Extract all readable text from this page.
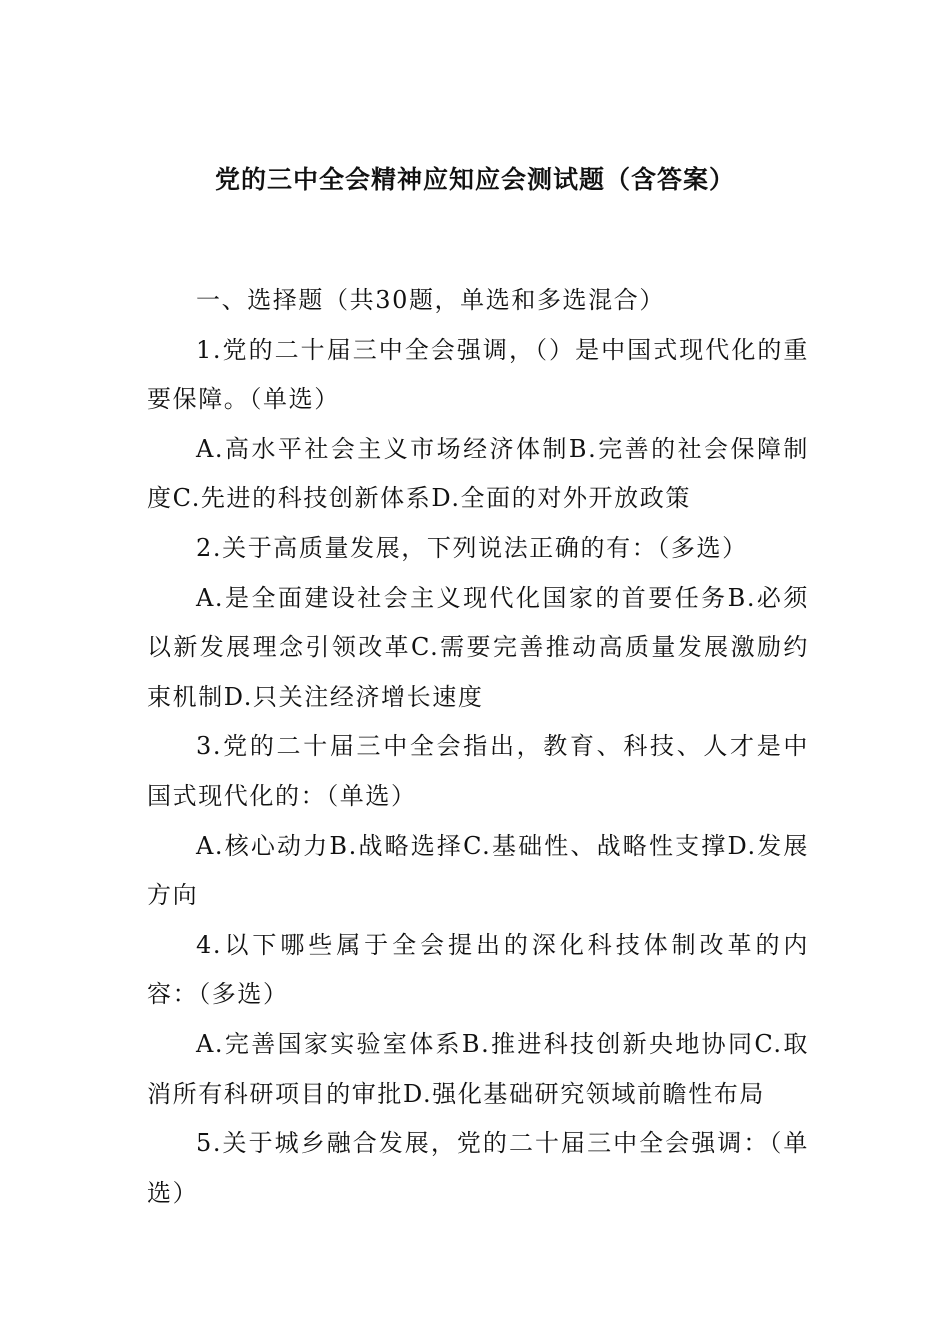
党的三中全会精神应知应会测试题（含答案）

一、选择题（共30题，单选和多选混合）

1.党的二十届三中全会强调，（）是中国式现代化的重要保障。（单选）

A.高水平社会主义市场经济体制B.完善的社会保障制度C.先进的科技创新体系D.全面的对外开放政策

2.关于高质量发展，下列说法正确的有：（多选）

A.是全面建设社会主义现代化国家的首要任务B.必须以新发展理念引领改革C.需要完善推动高质量发展激励约束机制D.只关注经济增长速度

3.党的二十届三中全会指出，教育、科技、人才是中国式现代化的：（单选）

A.核心动力B.战略选择C.基础性、战略性支撑D.发展方向

4.以下哪些属于全会提出的深化科技体制改革的内容：（多选）

A.完善国家实验室体系B.推进科技创新央地协同C.取消所有科研项目的审批D.强化基础研究领域前瞻性布局

5.关于城乡融合发展，党的二十届三中全会强调：（单选）
